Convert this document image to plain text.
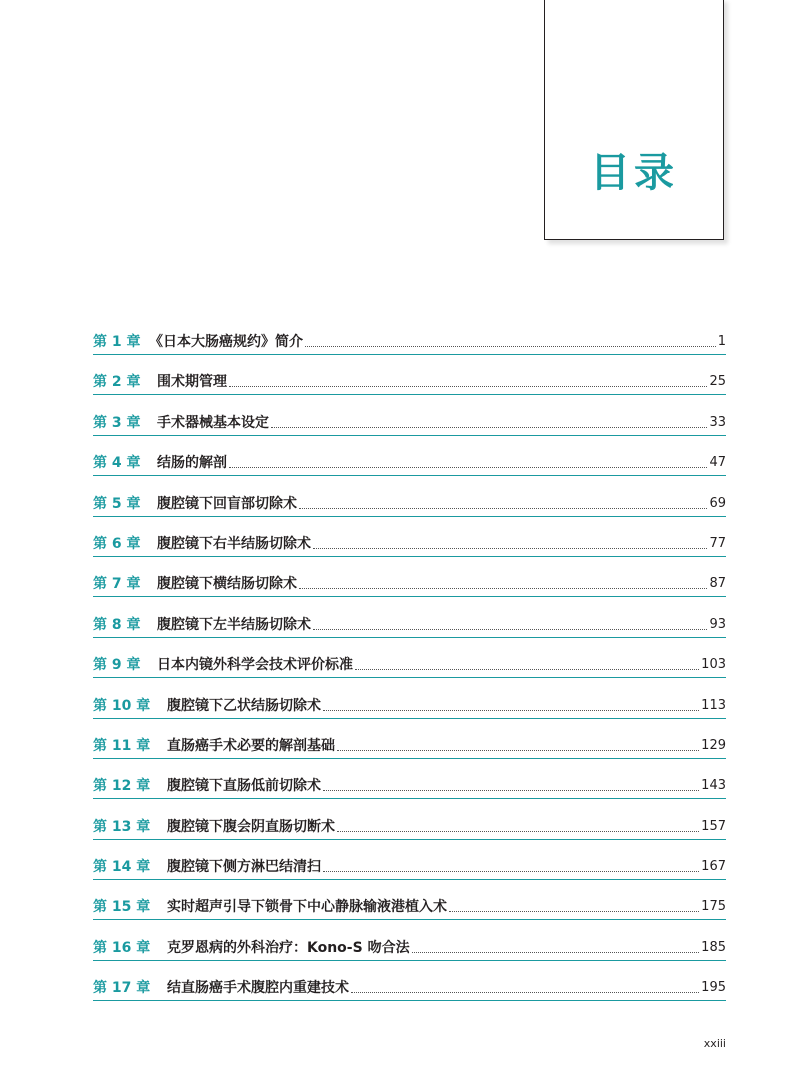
目录
第 1 章 《日本大肠癌规约》简介	1
第 2 章	围术期管理	25
第 3 章	手术器械基本设定	33
第 4 章	结肠的解剖	47
第 5 章	腹腔镜下回盲部切除术	69
第 6 章	腹腔镜下右半结肠切除术	77
第 7 章	腹腔镜下横结肠切除术	87
第 8 章	腹腔镜下左半结肠切除术	93
第 9 章	日本内镜外科学会技术评价标准	103
第 10 章	腹腔镜下乙状结肠切除术	113
第 11 章	直肠癌手术必要的解剖基础	129
第 12 章	腹腔镜下直肠低前切除术	143
第 13 章	腹腔镜下腹会阴直肠切断术	157
第 14 章	腹腔镜下侧方淋巴结清扫	167
第 15 章	实时超声引导下锁骨下中心静脉输液港植入术	175
第 16 章	克罗恩病的外科治疗：Kono-S 吻合法	185
第 17 章	结直肠癌手术腹腔内重建技术	195
xxiii
